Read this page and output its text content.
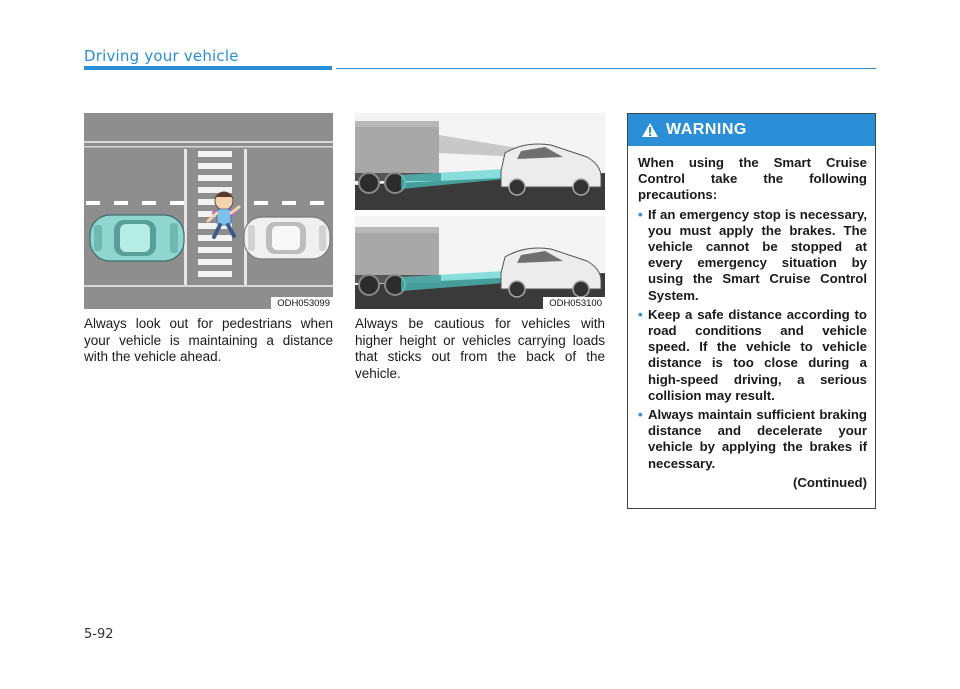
Driving your vehicle
ODH053099
Always look out for pedestrians when your vehicle is maintaining a distance with the vehicle ahead.
ODH053100
Always be cautious for vehicles with higher height or vehicles carrying loads that sticks out from the back of the vehicle.
WARNING
When using the Smart Cruise Control take the following precautions:
• If an emergency stop is necessary, you must apply the brakes. The vehicle cannot be stopped at every emergency situation by using the Smart Cruise Control System.
• Keep a safe distance according to road conditions and vehicle speed. If the vehicle to vehicle distance is too close during a high-speed driving, a serious collision may result.
• Always maintain sufficient braking distance and decelerate your vehicle by applying the brakes if necessary.
(Continued)
5-92
